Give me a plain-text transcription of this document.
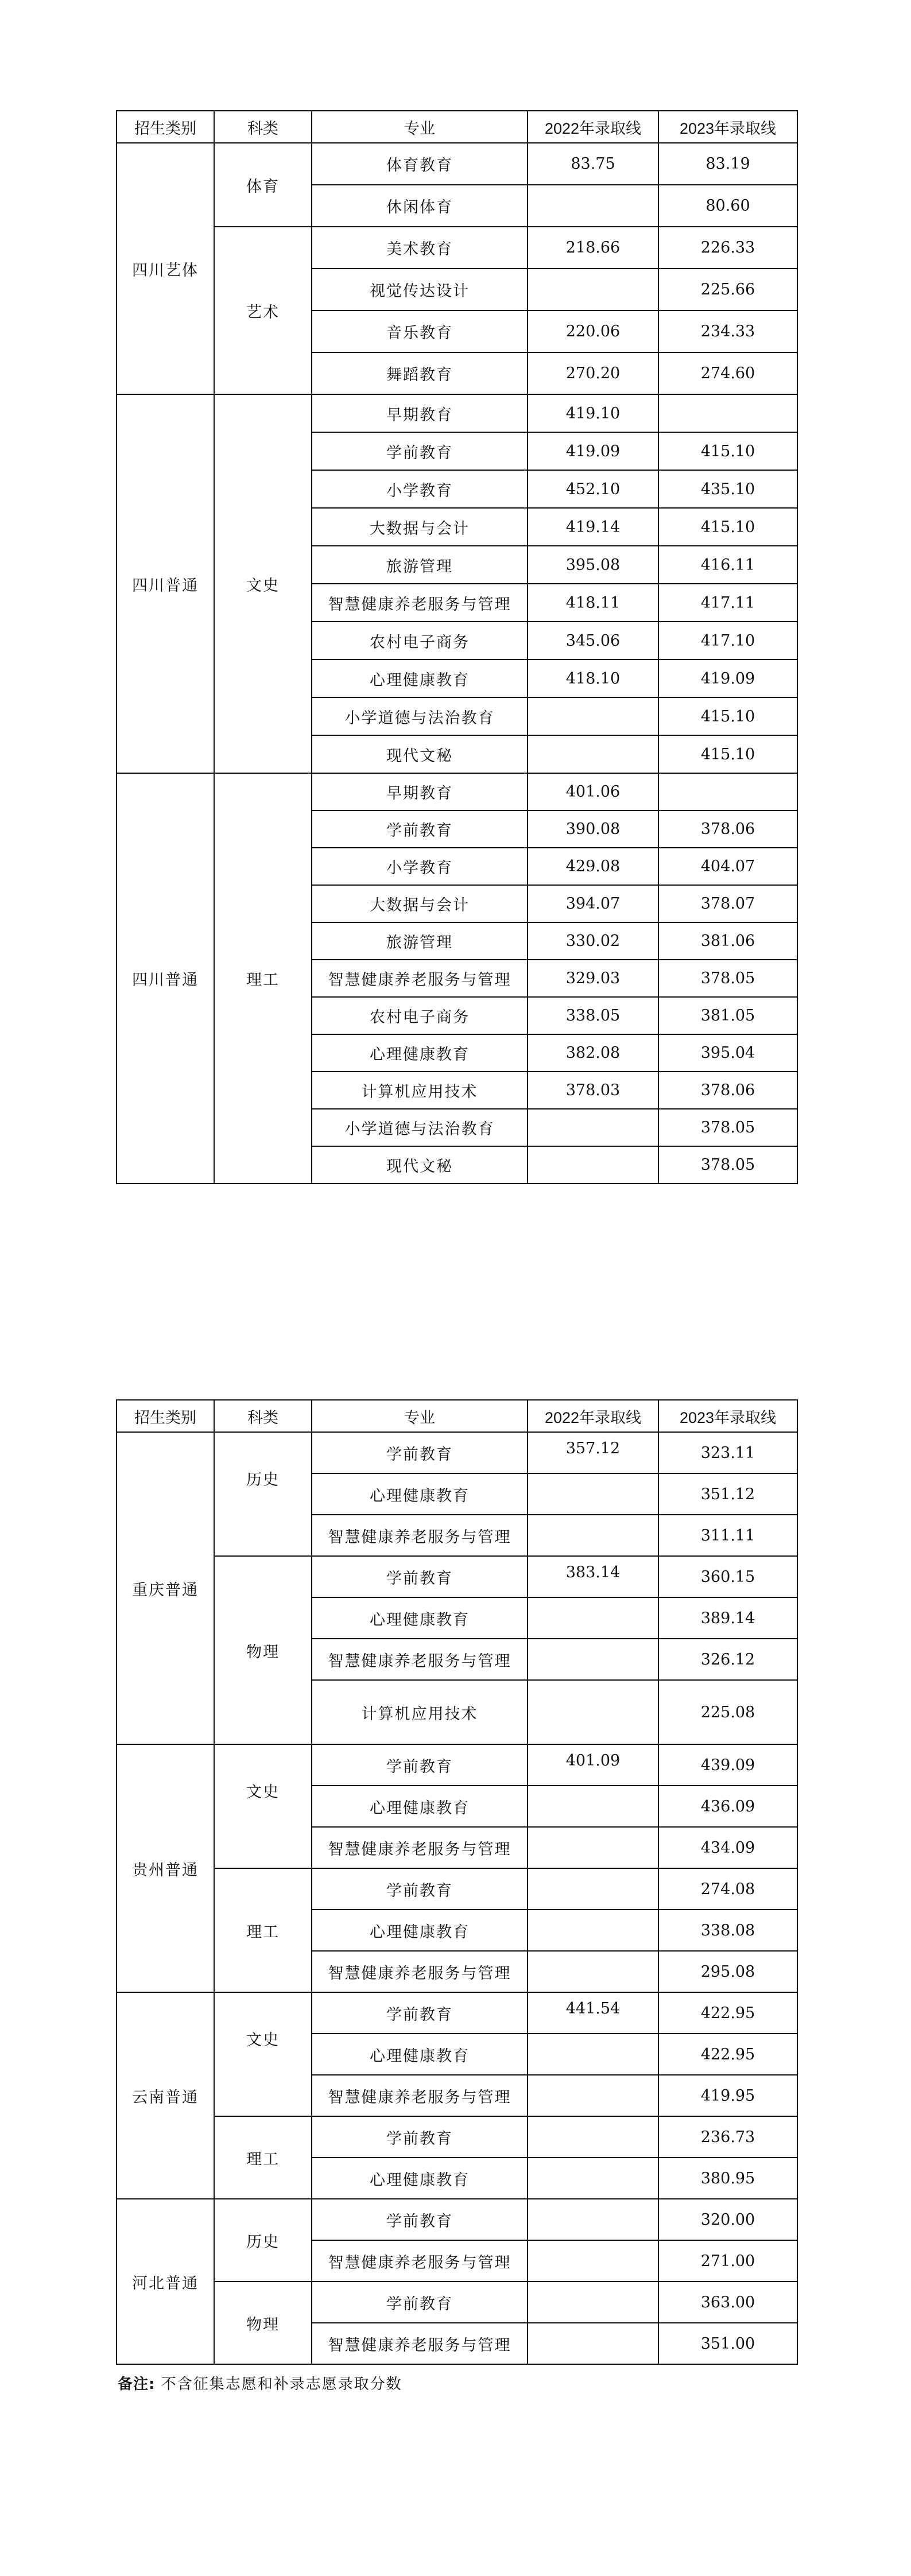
招生类别	科类	专业	2022年录取线	2023年录取线
四川艺体	体育	体育教育	83.75	83.19
		休闲体育		80.60
	艺术	美术教育	218.66	226.33
		视觉传达设计		225.66
		音乐教育	220.06	234.33
		舞蹈教育	270.20	274.60
四川普通	文史	早期教育	419.10	
		学前教育	419.09	415.10
		小学教育	452.10	435.10
		大数据与会计	419.14	415.10
		旅游管理	395.08	416.11
		智慧健康养老服务与管理	418.11	417.11
		农村电子商务	345.06	417.10
		心理健康教育	418.10	419.09
		小学道德与法治教育		415.10
		现代文秘		415.10
四川普通	理工	早期教育	401.06	
		学前教育	390.08	378.06
		小学教育	429.08	404.07
		大数据与会计	394.07	378.07
		旅游管理	330.02	381.06
		智慧健康养老服务与管理	329.03	378.05
		农村电子商务	338.05	381.05
		心理健康教育	382.08	395.04
		计算机应用技术	378.03	378.06
		小学道德与法治教育		378.05
		现代文秘		378.05
招生类别	科类	专业	2022年录取线	2023年录取线
重庆普通	历史	学前教育	357.12	323.11
		心理健康教育		351.12
		智慧健康养老服务与管理		311.11
	物理	学前教育	383.14	360.15
		心理健康教育		389.14
		智慧健康养老服务与管理		326.12
		计算机应用技术		225.08
贵州普通	文史	学前教育	401.09	439.09
		心理健康教育		436.09
		智慧健康养老服务与管理		434.09
	理工	学前教育		274.08
		心理健康教育		338.08
		智慧健康养老服务与管理		295.08
云南普通	文史	学前教育	441.54	422.95
		心理健康教育		422.95
		智慧健康养老服务与管理		419.95
	理工	学前教育		236.73
		心理健康教育		380.95
河北普通	历史	学前教育		320.00
		智慧健康养老服务与管理		271.00
	物理	学前教育		363.00
		智慧健康养老服务与管理		351.00
备注: 不含征集志愿和补录志愿录取分数
